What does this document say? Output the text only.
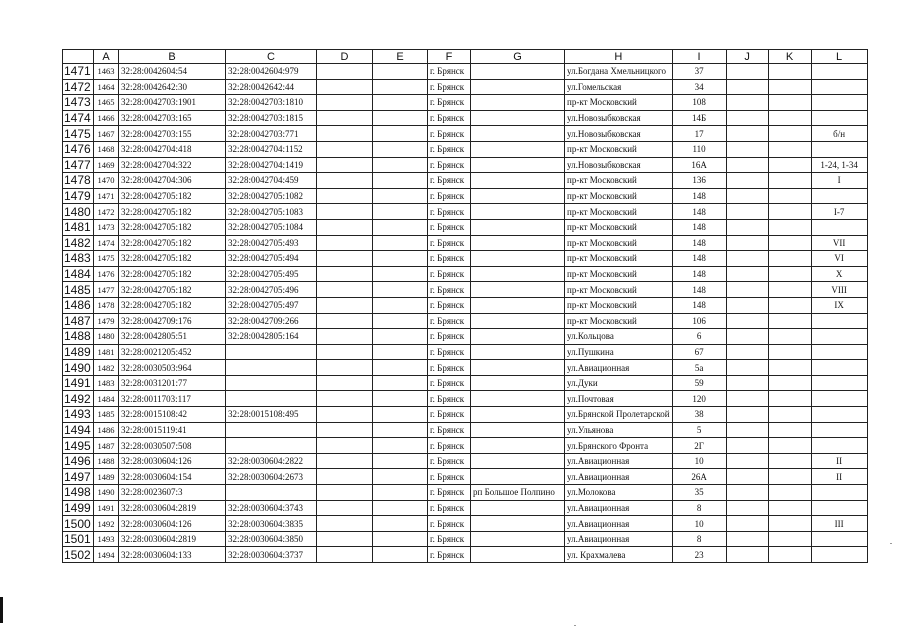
	A	B	C	D	E	F	G	H	I	J	K	L
1471	1463	32:28:0042604:54	32:28:0042604:979			г. Брянск		ул.Богдана Хмельницкого	37			
1472	1464	32:28:0042642:30	32:28:0042642:44			г. Брянск		ул.Гомельская	34			
1473	1465	32:28:0042703:1901	32:28:0042703:1810			г. Брянск		пр-кт Московский	108			
1474	1466	32:28:0042703:165	32:28:0042703:1815			г. Брянск		ул.Новозыбковская	14Б			
1475	1467	32:28:0042703:155	32:28:0042703:771			г. Брянск		ул.Новозыбковская	17			б/н
1476	1468	32:28:0042704:418	32:28:0042704:1152			г. Брянск		пр-кт Московский	110			
1477	1469	32:28:0042704:322	32:28:0042704:1419			г. Брянск		ул.Новозыбковская	16А			1-24, 1-34
1478	1470	32:28:0042704:306	32:28:0042704:459			г. Брянск		пр-кт Московский	136			I
1479	1471	32:28:0042705:182	32:28:0042705:1082			г. Брянск		пр-кт Московский	148			
1480	1472	32:28:0042705:182	32:28:0042705:1083			г. Брянск		пр-кт Московский	148			I-7
1481	1473	32:28:0042705:182	32:28:0042705:1084			г. Брянск		пр-кт Московский	148			
1482	1474	32:28:0042705:182	32:28:0042705:493			г. Брянск		пр-кт Московский	148			VII
1483	1475	32:28:0042705:182	32:28:0042705:494			г. Брянск		пр-кт Московский	148			VI
1484	1476	32:28:0042705:182	32:28:0042705:495			г. Брянск		пр-кт Московский	148			X
1485	1477	32:28:0042705:182	32:28:0042705:496			г. Брянск		пр-кт Московский	148			VIII
1486	1478	32:28:0042705:182	32:28:0042705:497			г. Брянск		пр-кт Московский	148			IX
1487	1479	32:28:0042709:176	32:28:0042709:266			г. Брянск		пр-кт Московский	106			
1488	1480	32:28:0042805:51	32:28:0042805:164			г. Брянск		ул.Кольцова	6			
1489	1481	32:28:0021205:452				г. Брянск		ул.Пушкина	67			
1490	1482	32:28:0030503:964				г. Брянск		ул.Авиационная	5а			
1491	1483	32:28:0031201:77				г. Брянск		ул.Дуки	59			
1492	1484	32:28:0011703:117				г. Брянск		ул.Почтовая	120			
1493	1485	32:28:0015108:42	32:28:0015108:495			г. Брянск		ул.Брянской Пролетарской	38			
1494	1486	32:28:0015119:41				г. Брянск		ул.Ульянова	5			
1495	1487	32:28:0030507:508				г. Брянск		ул.Брянского Фронта	2Г			
1496	1488	32:28:0030604:126	32:28:0030604:2822			г. Брянск		ул.Авиационная	10			II
1497	1489	32:28:0030604:154	32:28:0030604:2673			г. Брянск		ул.Авиационная	26А			II
1498	1490	32:28:0023607:3				г. Брянск	рп Большое Полпино	ул.Молокова	35			
1499	1491	32:28:0030604:2819	32:28:0030604:3743			г. Брянск		ул.Авиационная	8			
1500	1492	32:28:0030604:126	32:28:0030604:3835			г. Брянск		ул.Авиационная	10			III
1501	1493	32:28:0030604:2819	32:28:0030604:3850			г. Брянск		ул.Авиационная	8			
1502	1494	32:28:0030604:133	32:28:0030604:3737			г. Брянск		ул. Крахмалева	23			
